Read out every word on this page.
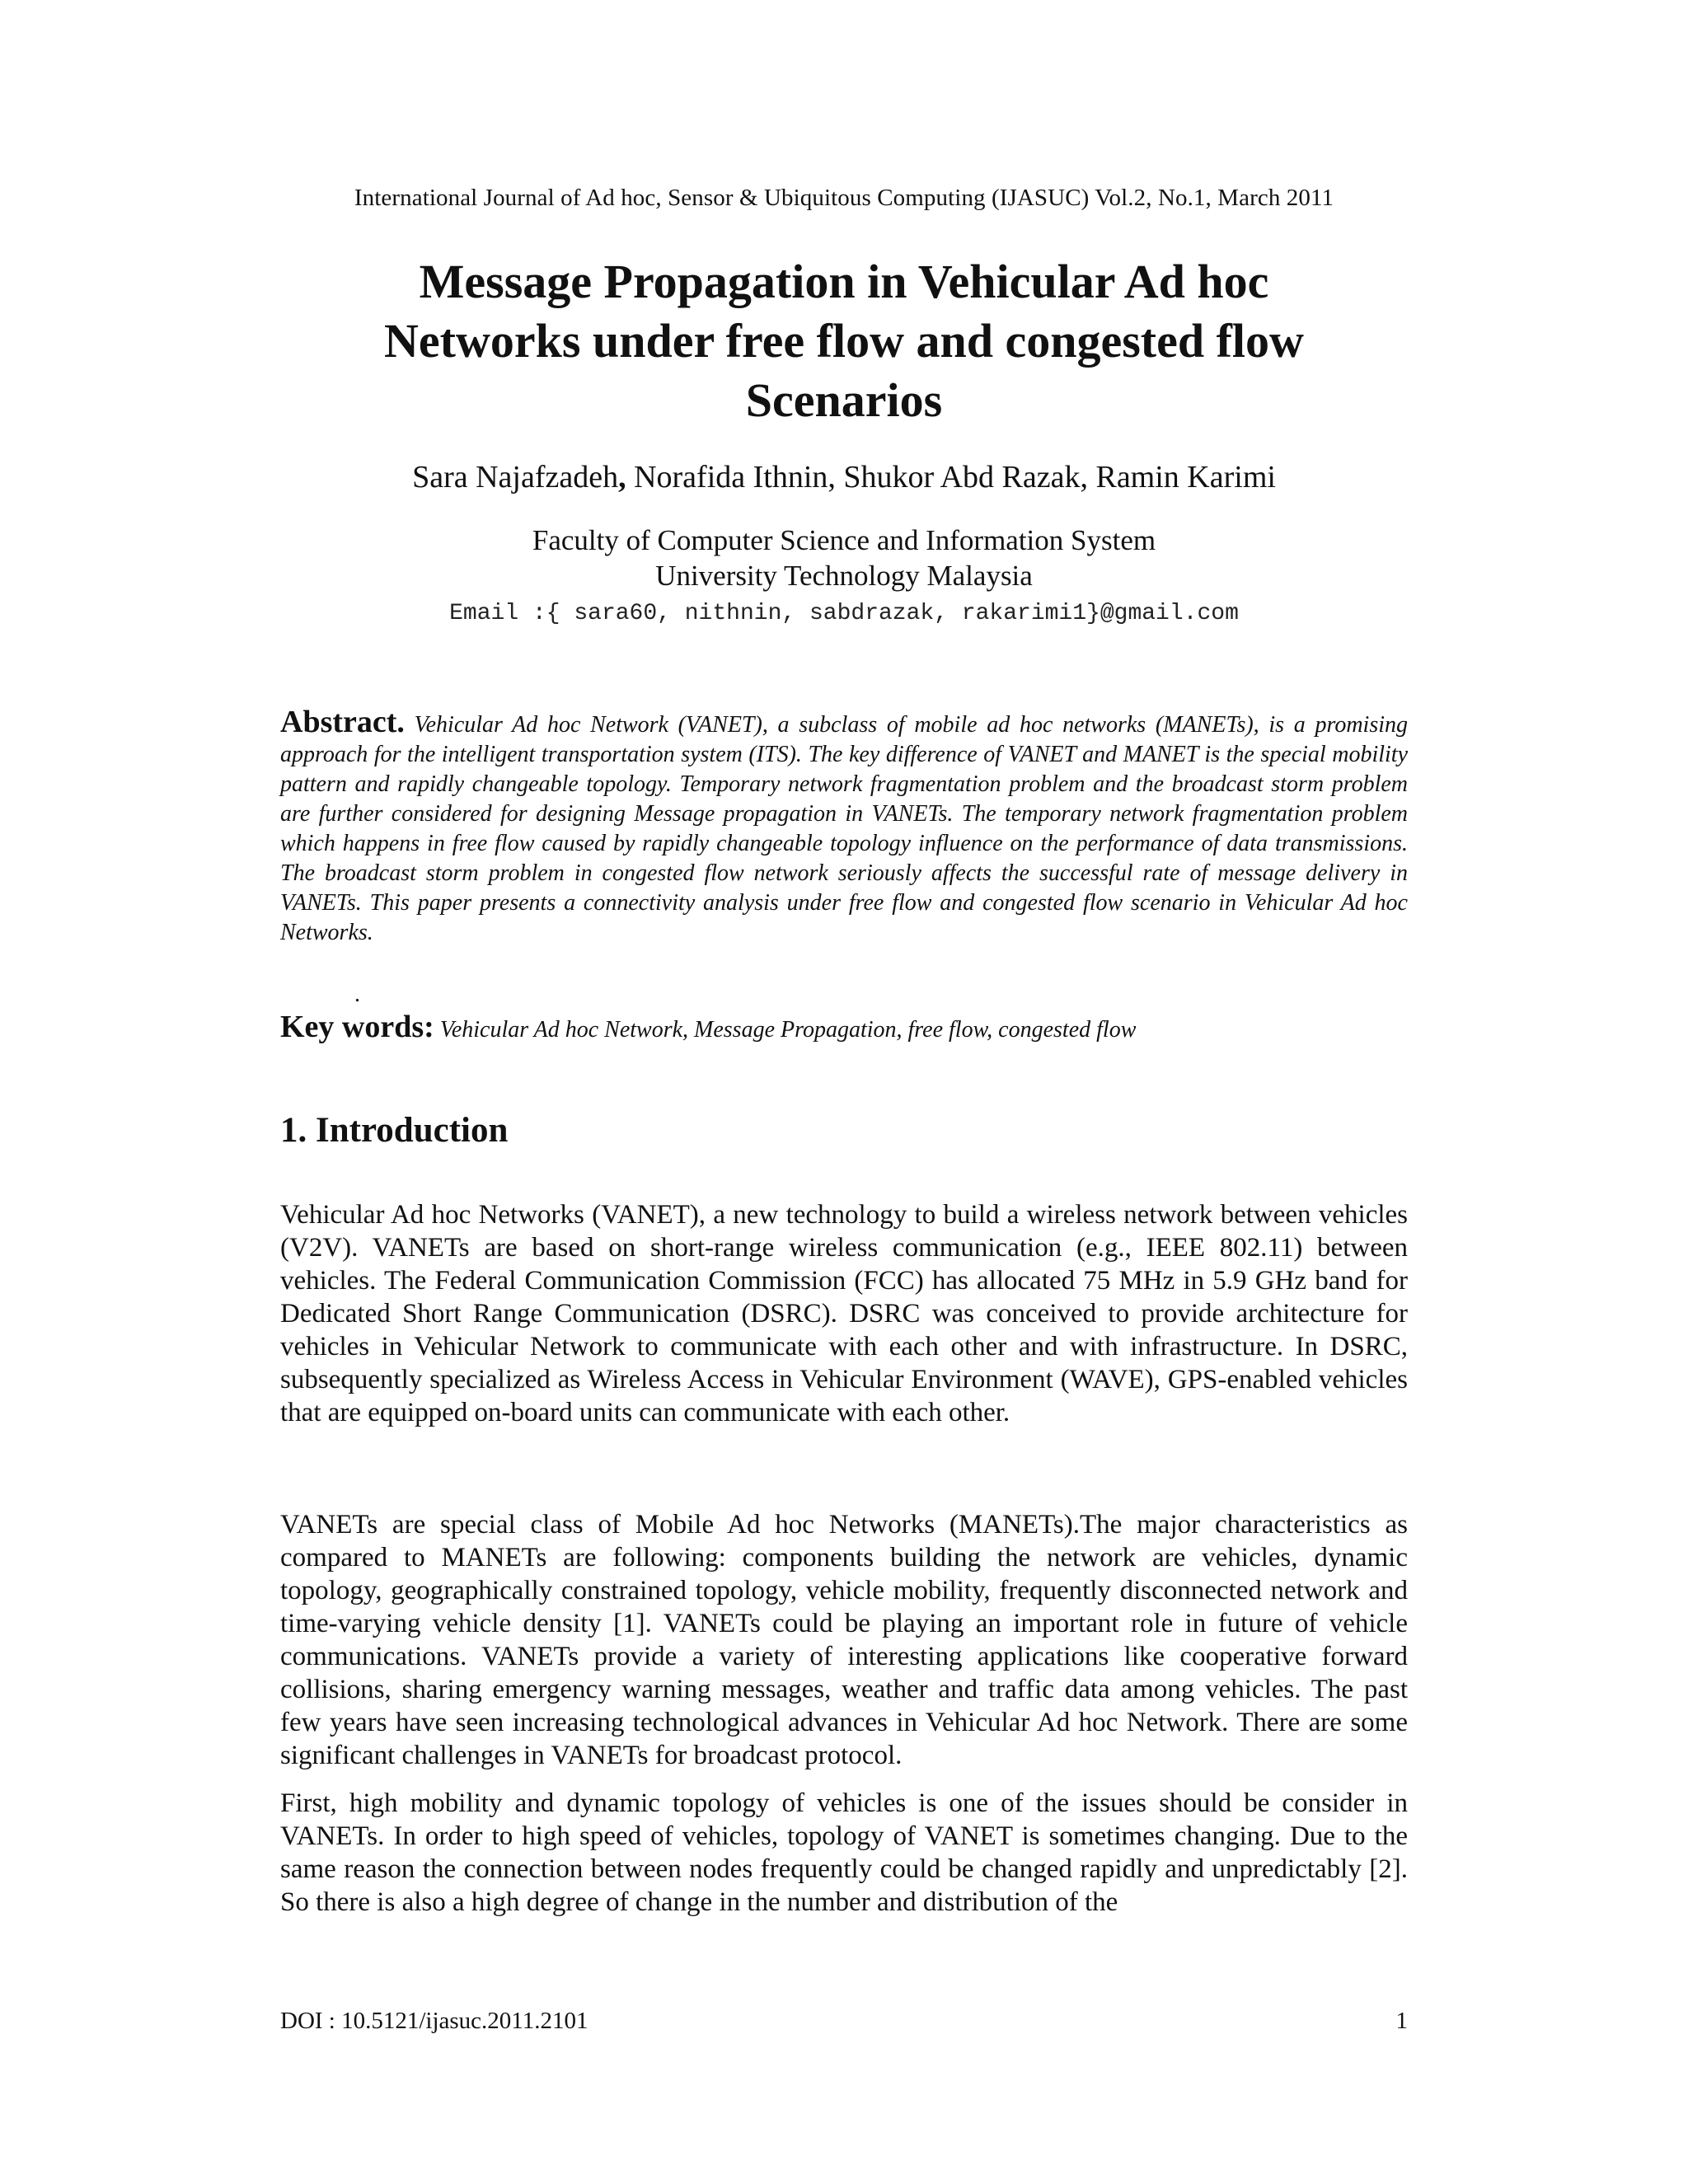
International Journal of Ad hoc, Sensor & Ubiquitous Computing (IJASUC) Vol.2, No.1, March 2011
Message Propagation in Vehicular Ad hoc
Networks under free flow and congested flow
Scenarios
Sara Najafzadeh, Norafida Ithnin, Shukor Abd Razak, Ramin Karimi
Faculty of Computer Science and Information System
University Technology Malaysia
Email :{ sara60, nithnin, sabdrazak, rakarimi1}@gmail.com

Abstract. Vehicular Ad hoc Network (VANET), a subclass of mobile ad hoc networks (MANETs), is a promising approach for the intelligent transportation system (ITS). The key difference of VANET and MANET is the special mobility pattern and rapidly changeable topology. Temporary network fragmentation problem and the broadcast storm problem are further considered for designing Message propagation in VANETs. The temporary network fragmentation problem which happens in free flow caused by rapidly changeable topology influence on the performance of data transmissions. The broadcast storm problem in congested flow network seriously affects the successful rate of message delivery in VANETs. This paper presents a connectivity analysis under free flow and congested flow scenario in Vehicular Ad hoc Networks.

.
Key words: Vehicular Ad hoc Network, Message Propagation, free flow, congested flow
1. Introduction

Vehicular Ad hoc Networks (VANET), a new technology to build a wireless network between vehicles (V2V). VANETs are based on short-range wireless communication (e.g., IEEE 802.11) between vehicles. The Federal Communication Commission (FCC) has allocated 75 MHz in 5.9 GHz band for Dedicated Short Range Communication (DSRC). DSRC was conceived to provide architecture for vehicles in Vehicular Network to communicate with each other and with infrastructure. In DSRC, subsequently specialized as Wireless Access in Vehicular Environment (WAVE), GPS-enabled vehicles that are equipped on-board units can communicate with each other.

VANETs are special class of Mobile Ad hoc Networks (MANETs).The major characteristics as compared to MANETs are following: components building the network are vehicles, dynamic topology, geographically constrained topology, vehicle mobility, frequently disconnected network and time-varying vehicle density [1]. VANETs could be playing an important role in future of vehicle communications. VANETs provide a variety of interesting applications like cooperative forward collisions, sharing emergency warning messages, weather and traffic data among vehicles. The past few years have seen increasing technological advances in Vehicular Ad hoc Network. There are some significant challenges in VANETs for broadcast protocol.

First, high mobility and dynamic topology of vehicles is one of the issues should be consider in VANETs. In order to high speed of vehicles, topology of VANET is sometimes changing. Due to the same reason the connection between nodes frequently could be changed rapidly and unpredictably [2]. So there is also a high degree of change in the number and distribution of the

DOI : 10.5121/ijasuc.2011.2101	1
